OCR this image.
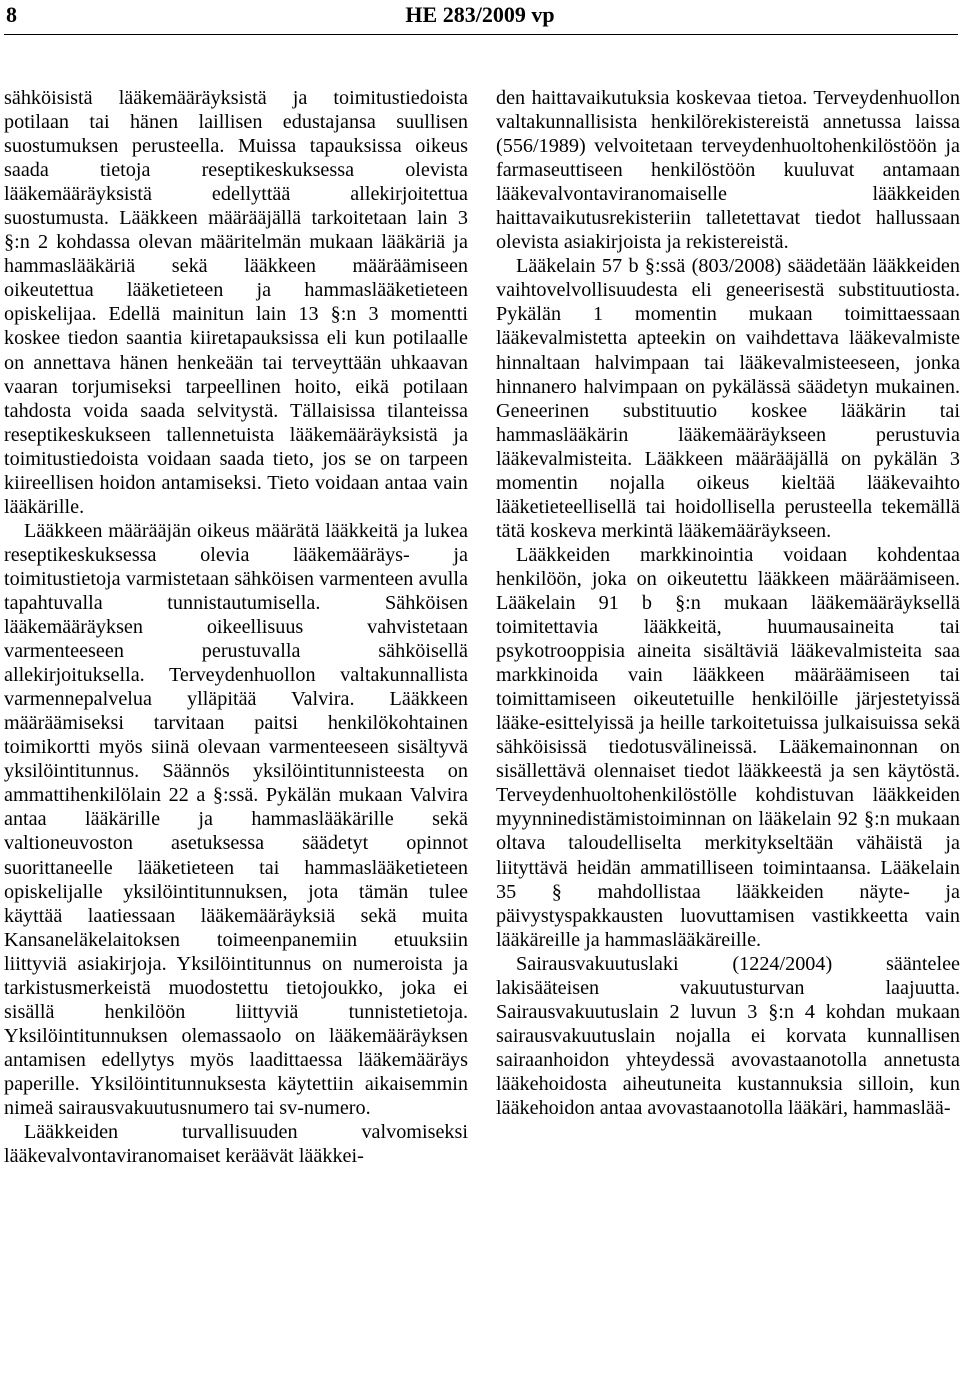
8	HE 283/2009 vp

sähköisistä lääkemääräyksistä ja toimitustiedoista potilaan tai hänen laillisen edustajansa suullisen suostumuksen perusteella. Muissa tapauksissa oikeus saada tietoja reseptikeskuksessa olevista lääkemääräyksistä edellyttää allekirjoitettua suostumusta. Lääkkeen määrääjällä tarkoitetaan lain 3 §:n 2 kohdassa olevan määritelmän mukaan lääkäriä ja hammaslääkäriä sekä lääkkeen määräämiseen oikeutettua lääketieteen ja hammaslääketieteen opiskelijaa. Edellä mainitun lain 13 §:n 3 momentti koskee tiedon saantia kiiretapauksissa eli kun potilaalle on annettava hänen henkeään tai terveyttään uhkaavan vaaran torjumiseksi tarpeellinen hoito, eikä potilaan tahdosta voida saada selvitystä. Tällaisissa tilanteissa reseptikeskukseen tallennetuista lääkemääräyksistä ja toimitustiedoista voidaan saada tieto, jos se on tarpeen kiireellisen hoidon antamiseksi. Tieto voidaan antaa vain lääkärille.

Lääkkeen määrääjän oikeus määrätä lääkkeitä ja lukea reseptikeskuksessa olevia lääkemääräys- ja toimitustietoja varmistetaan sähköisen varmenteen avulla tapahtuvalla tunnistautumisella. Sähköisen lääkemääräyksen oikeellisuus vahvistetaan varmenteeseen perustuvalla sähköisellä allekirjoituksella. Terveydenhuollon valtakunnallista varmennepalvelua ylläpitää Valvira. Lääkkeen määräämiseksi tarvitaan paitsi henkilökohtainen toimikortti myös siinä olevaan varmenteeseen sisältyvä yksilöintitunnus. Säännös yksilöintitunnisteesta on ammattihenkilölain 22 a §:ssä. Pykälän mukaan Valvira antaa lääkärille ja hammaslääkärille sekä valtioneuvoston asetuksessa säädetyt opinnot suorittaneelle lääketieteen tai hammaslääketieteen opiskelijalle yksilöintitunnuksen, jota tämän tulee käyttää laatiessaan lääkemääräyksiä sekä muita Kansaneläkelaitoksen toimeenpanemiin etuuksiin liittyviä asiakirjoja. Yksilöintitunnus on numeroista ja tarkistusmerkeistä muodostettu tietojoukko, joka ei sisällä henkilöön liittyviä tunnistetietoja. Yksilöintitunnuksen olemassaolo on lääkemääräyksen antamisen edellytys myös laadittaessa lääkemääräys paperille. Yksilöintitunnuksesta käytettiin aikaisemmin nimeä sairausvakuutusnumero tai sv-numero.

Lääkkeiden turvallisuuden valvomiseksi lääkevalvontaviranomaiset keräävät lääkkei-

den haittavaikutuksia koskevaa tietoa. Terveydenhuollon valtakunnallisista henkilörekistereistä annetussa laissa (556/1989) velvoitetaan terveydenhuoltohenkilöstöön ja farmaseuttiseen henkilöstöön kuuluvat antamaan lääkevalvontaviranomaiselle lääkkeiden haittavaikutusrekisteriin talletettavat tiedot hallussaan olevista asiakirjoista ja rekistereistä.

Lääkelain 57 b §:ssä (803/2008) säädetään lääkkeiden vaihtovelvollisuudesta eli geneerisestä substituutiosta. Pykälän 1 momentin mukaan toimittaessaan lääkevalmistetta apteekin on vaihdettava lääkevalmiste hinnaltaan halvimpaan tai lääkevalmisteeseen, jonka hinnanero halvimpaan on pykälässä säädetyn mukainen. Geneerinen substituutio koskee lääkärin tai hammaslääkärin lääkemääräykseen perustuvia lääkevalmisteita. Lääkkeen määrääjällä on pykälän 3 momentin nojalla oikeus kieltää lääkevaihto lääketieteellisellä tai hoidollisella perusteella tekemällä tätä koskeva merkintä lääkemääräykseen.

Lääkkeiden markkinointia voidaan kohdentaa henkilöön, joka on oikeutettu lääkkeen määräämiseen. Lääkelain 91 b §:n mukaan lääkemääräyksellä toimitettavia lääkkeitä, huumausaineita tai psykotrooppisia aineita sisältäviä lääkevalmisteita saa markkinoida vain lääkkeen määräämiseen tai toimittamiseen oikeutetuille henkilöille järjestetyissä lääke-esittelyissä ja heille tarkoitetuissa julkaisuissa sekä sähköisissä tiedotusvälineissä. Lääkemainonnan on sisällettävä olennaiset tiedot lääkkeestä ja sen käytöstä. Terveydenhuoltohenkilöstölle kohdistuvan lääkkeiden myynninedistämistoiminnan on lääkelain 92 §:n mukaan oltava taloudelliselta merkitykseltään vähäistä ja liityttävä heidän ammatilliseen toimintaansa. Lääkelain 35 § mahdollistaa lääkkeiden näyte- ja päivystyspakkausten luovuttamisen vastikkeetta vain lääkäreille ja hammaslääkäreille.

Sairausvakuutuslaki (1224/2004) sääntelee lakisääteisen vakuutusturvan laajuutta. Sairausvakuutuslain 2 luvun 3 §:n 4 kohdan mukaan sairausvakuutuslain nojalla ei korvata kunnallisen sairaanhoidon yhteydessä avovastaanotolla annetusta lääkehoidosta aiheutuneita kustannuksia silloin, kun lääkehoidon antaa avovastaanotolla lääkäri, hammaslää-
